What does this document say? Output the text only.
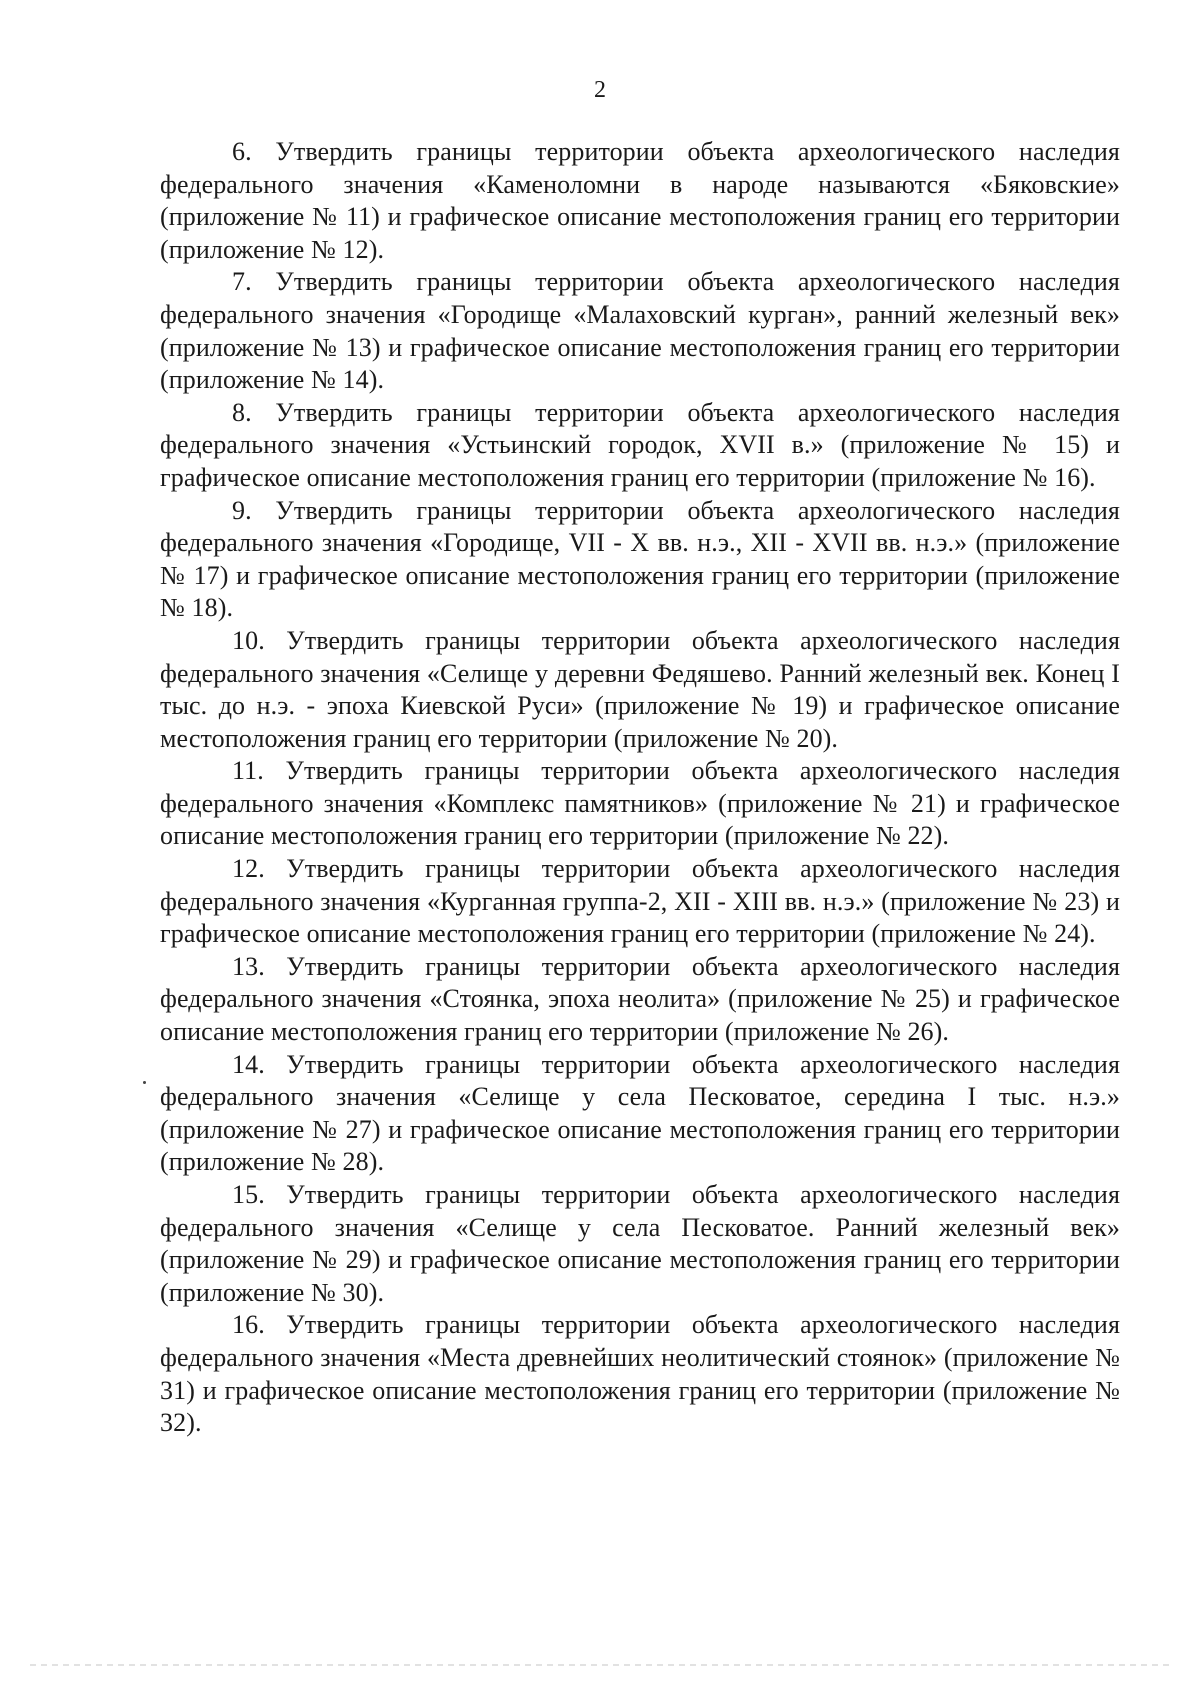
2

6. Утвердить границы территории объекта археологического наследия федерального значения «Каменоломни в народе называются «Бяковские» (приложение № 11) и графическое описание местоположения границ его территории (приложение № 12).

7. Утвердить границы территории объекта археологического наследия федерального значения «Городище «Малаховский курган», ранний железный век» (приложение № 13) и графическое описание местоположения границ его территории (приложение № 14).

8. Утвердить границы территории объекта археологического наследия федерального значения «Устьинский городок, XVII в.» (приложение № 15) и графическое описание местоположения границ его территории (приложение № 16).

9. Утвердить границы территории объекта археологического наследия федерального значения «Городище, VII - X вв. н.э., XII - XVII вв. н.э.» (приложение № 17) и графическое описание местоположения границ его территории (приложение № 18).

10. Утвердить границы территории объекта археологического наследия федерального значения «Селище у деревни Федяшево. Ранний железный век. Конец I тыс. до н.э. - эпоха Киевской Руси» (приложение № 19) и графическое описание местоположения границ его территории (приложение № 20).

11. Утвердить границы территории объекта археологического наследия федерального значения «Комплекс памятников» (приложение № 21) и графическое описание местоположения границ его территории (приложение № 22).

12. Утвердить границы территории объекта археологического наследия федерального значения «Курганная группа-2, XII - XIII вв. н.э.» (приложение № 23) и графическое описание местоположения границ его территории (приложение № 24).

13. Утвердить границы территории объекта археологического наследия федерального значения «Стоянка, эпоха неолита» (приложение № 25) и графическое описание местоположения границ его территории (приложение № 26).

14. Утвердить границы территории объекта археологического наследия федерального значения «Селище у села Песковатое, середина I тыс. н.э.» (приложение № 27) и графическое описание местоположения границ его территории (приложение № 28).

15. Утвердить границы территории объекта археологического наследия федерального значения «Селище у села Песковатое. Ранний железный век» (приложение № 29) и графическое описание местоположения границ его территории (приложение № 30).

16. Утвердить границы территории объекта археологического наследия федерального значения «Места древнейших неолитический стоянок» (приложение № 31) и графическое описание местоположения границ его территории (приложение № 32).
